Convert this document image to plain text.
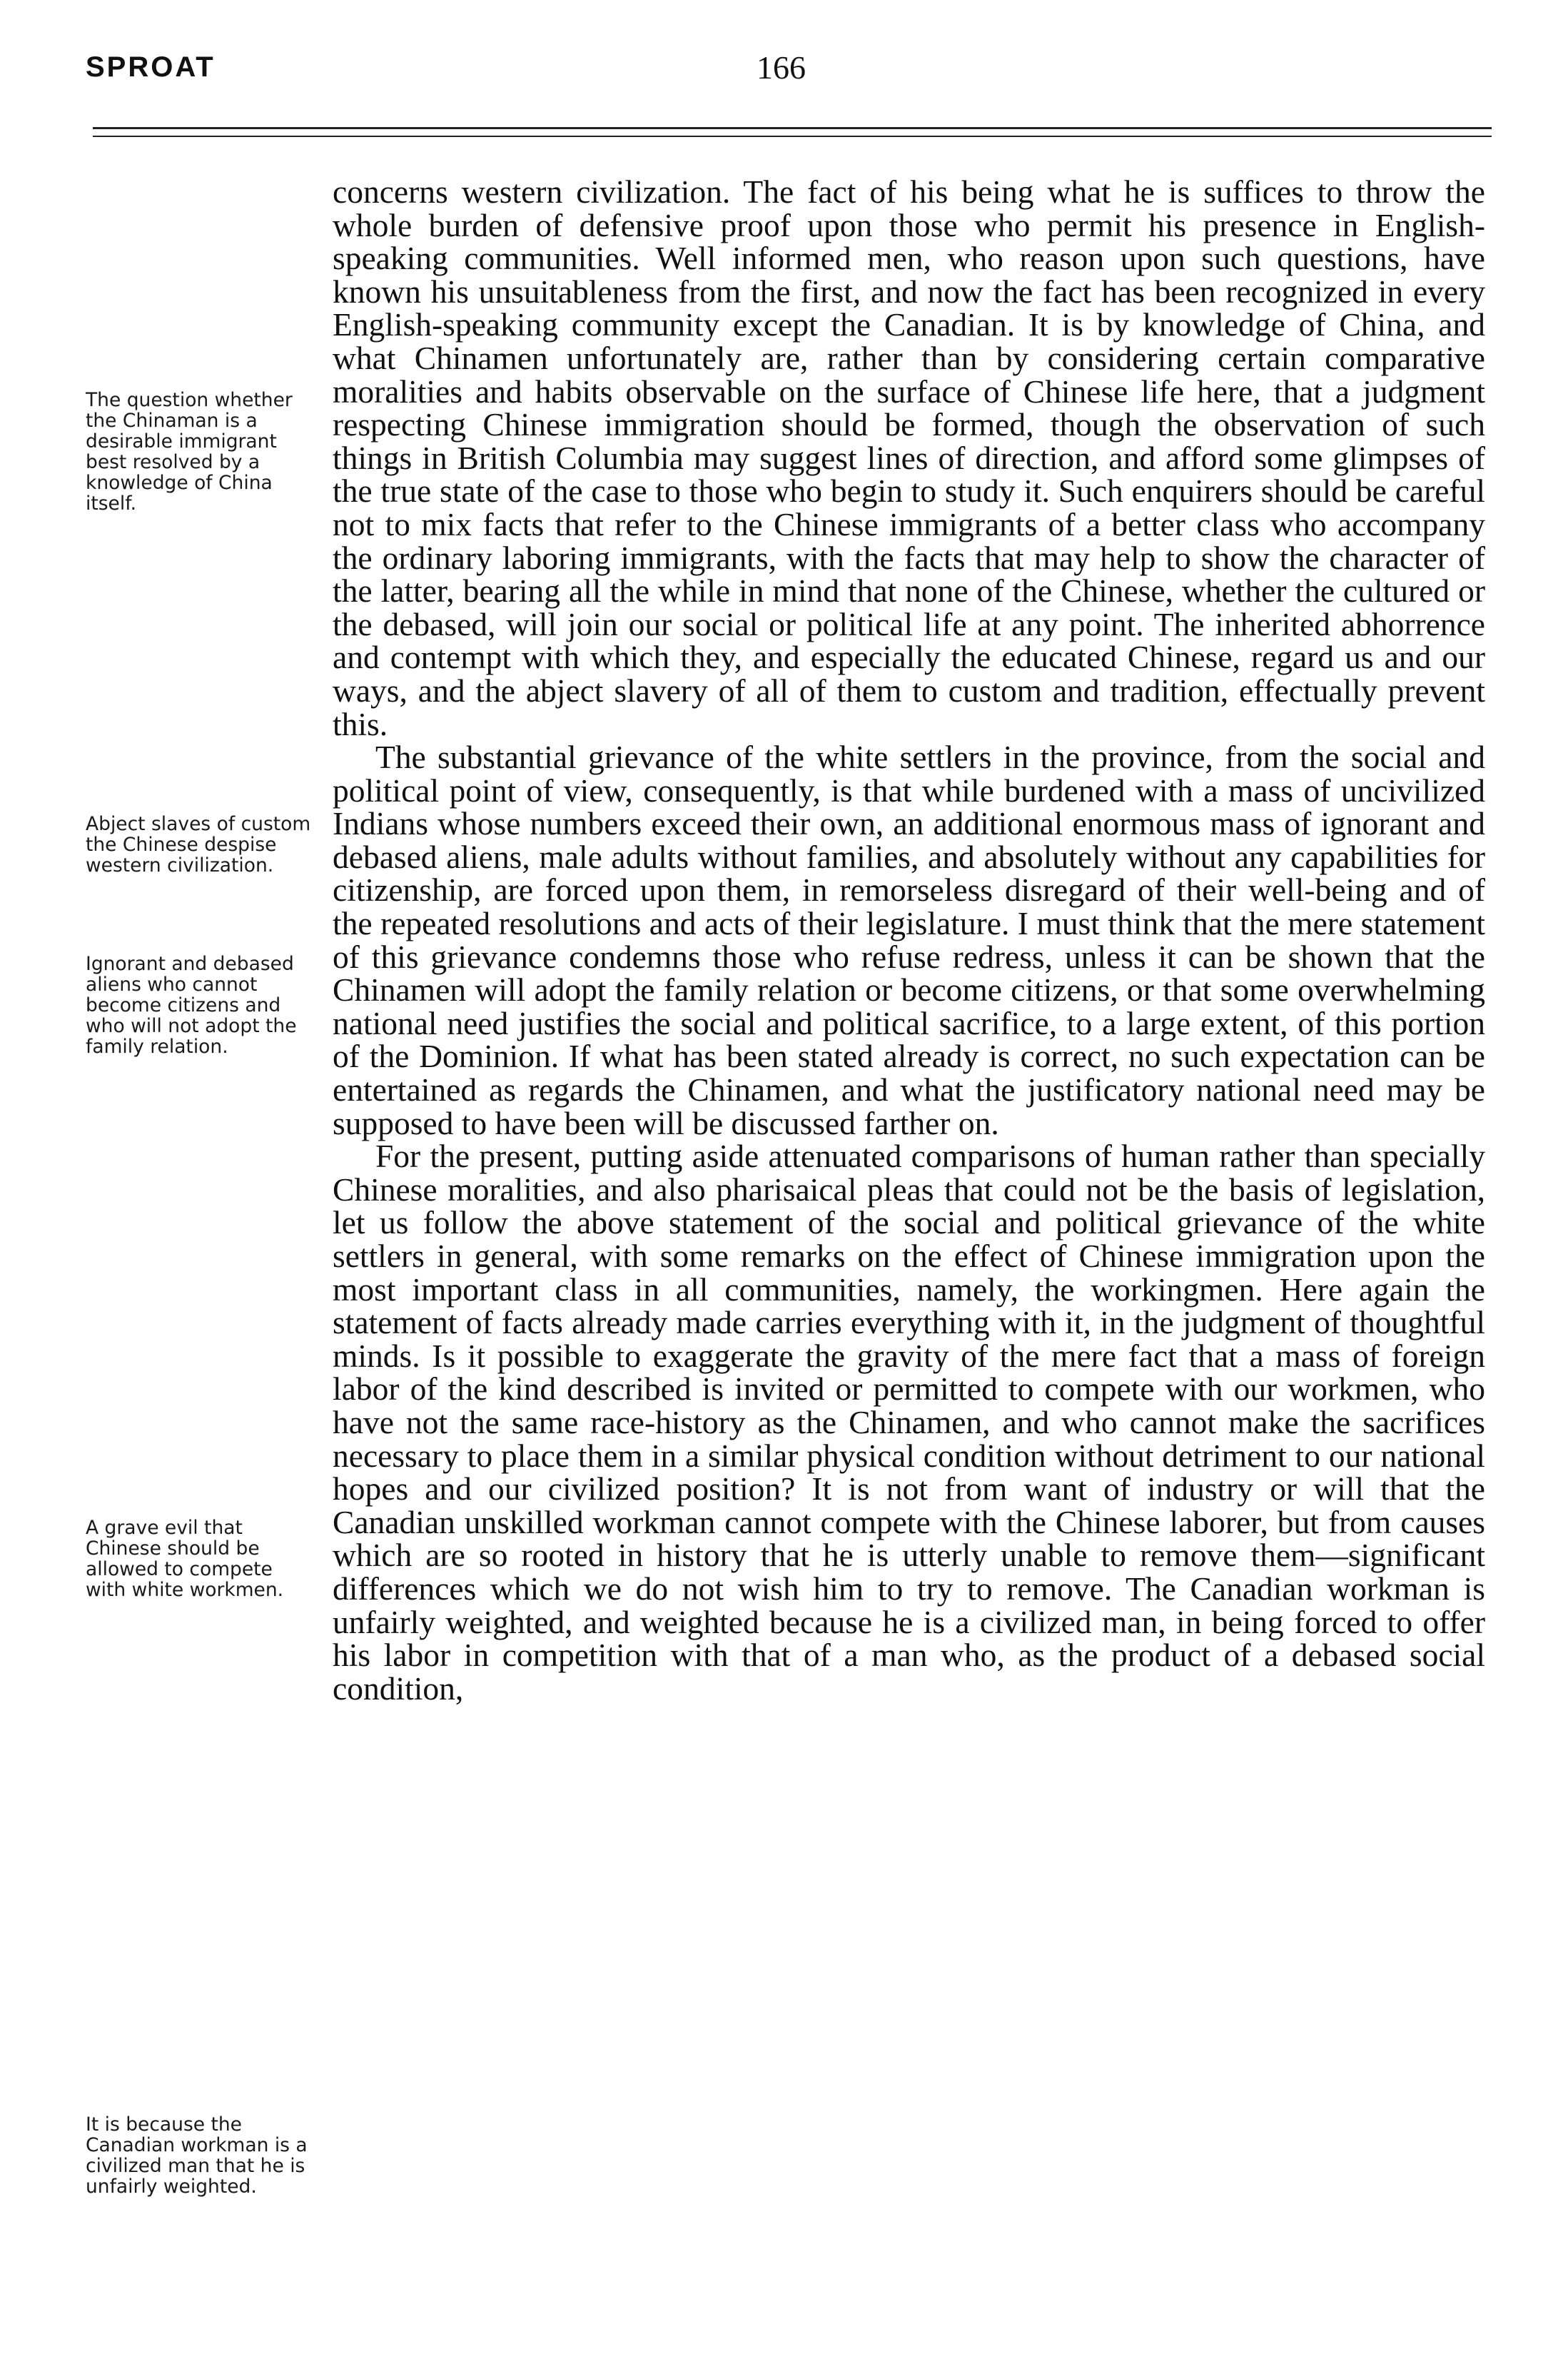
SPROAT	166
The question whether the Chinaman is a desirable immigrant best resolved by a knowledge of China itself.
Abject slaves of custom the Chinese despise western civilization.
Ignorant and debased aliens who cannot become citizens and who will not adopt the family relation.
A grave evil that Chinese should be allowed to compete with white workmen.
It is because the Canadian workman is a civilized man that he is unfairly weighted.

concerns western civilization. The fact of his being what he is suffices to throw the whole burden of defensive proof upon those who permit his presence in English-speaking communities. Well informed men, who reason upon such questions, have known his unsuitableness from the first, and now the fact has been recognized in every English-speaking community except the Canadian. It is by knowledge of China, and what Chinamen unfortunately are, rather than by considering certain comparative moralities and habits observable on the surface of Chinese life here, that a judgment respecting Chinese immigration should be formed, though the observation of such things in British Columbia may suggest lines of direction, and afford some glimpses of the true state of the case to those who begin to study it. Such enquirers should be careful not to mix facts that refer to the Chinese immigrants of a better class who accompany the ordinary laboring immigrants, with the facts that may help to show the character of the latter, bearing all the while in mind that none of the Chinese, whether the cultured or the debased, will join our social or political life at any point. The inherited abhorrence and contempt with which they, and especially the educated Chinese, regard us and our ways, and the abject slavery of all of them to custom and tradition, effectually prevent this.

The substantial grievance of the white settlers in the province, from the social and political point of view, consequently, is that while burdened with a mass of uncivilized Indians whose numbers exceed their own, an additional enormous mass of ignorant and debased aliens, male adults without families, and absolutely without any capabilities for citizenship, are forced upon them, in remorseless disregard of their well-being and of the repeated resolutions and acts of their legislature. I must think that the mere statement of this grievance condemns those who refuse redress, unless it can be shown that the Chinamen will adopt the family relation or become citizens, or that some overwhelming national need justifies the social and political sacrifice, to a large extent, of this portion of the Dominion. If what has been stated already is correct, no such expectation can be entertained as regards the Chinamen, and what the justificatory national need may be supposed to have been will be discussed farther on.

For the present, putting aside attenuated comparisons of human rather than specially Chinese moralities, and also pharisaical pleas that could not be the basis of legislation, let us follow the above statement of the social and political grievance of the white settlers in general, with some remarks on the effect of Chinese immigration upon the most important class in all communities, namely, the workingmen. Here again the statement of facts already made carries everything with it, in the judgment of thoughtful minds. Is it possible to exaggerate the gravity of the mere fact that a mass of foreign labor of the kind described is invited or permitted to compete with our workmen, who have not the same race-history as the Chinamen, and who cannot make the sacrifices necessary to place them in a similar physical condition without detriment to our national hopes and our civilized position? It is not from want of industry or will that the Canadian unskilled workman cannot compete with the Chinese laborer, but from causes which are so rooted in history that he is utterly unable to remove them—significant differences which we do not wish him to try to remove. The Canadian workman is unfairly weighted, and weighted because he is a civilized man, in being forced to offer his labor in competition with that of a man who, as the product of a debased social condition,
